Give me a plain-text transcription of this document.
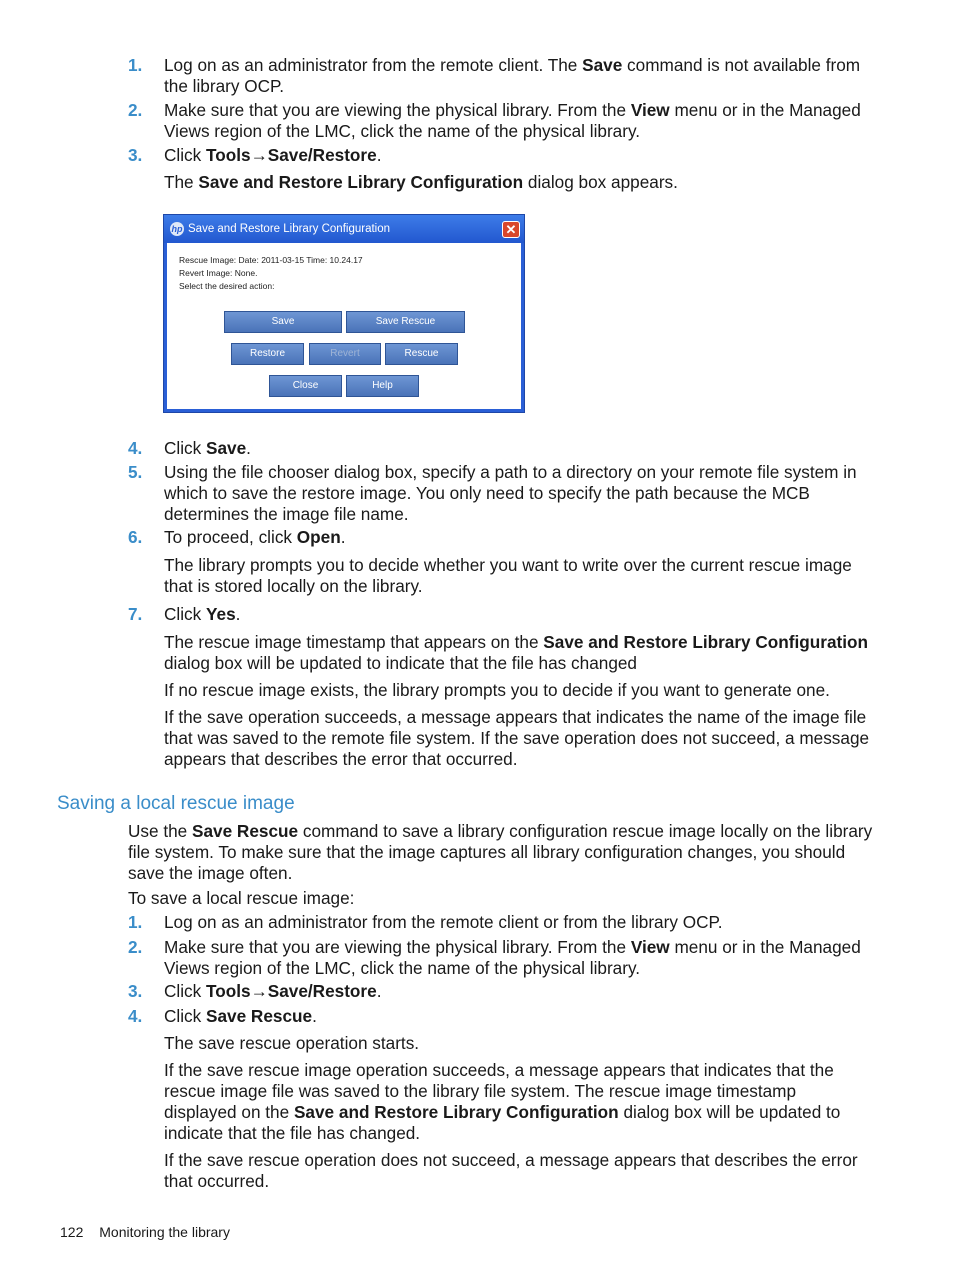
1.	Log on as an administrator from the remote client. The Save command is not available from the library OCP.
2.	Make sure that you are viewing the physical library. From the View menu or in the Managed Views region of the LMC, click the name of the physical library.
3.	Click Tools→Save/Restore.
The Save and Restore Library Configuration dialog box appears.
hp Save and Restore Library Configuration	✕
Rescue Image: Date: 2011-03-15 Time: 10.24.17
Revert Image: None.
Select the desired action:
Save	Save Rescue
Restore	Revert	Rescue
Close	Help
4.	Click Save.
5.	Using the file chooser dialog box, specify a path to a directory on your remote file system in which to save the restore image. You only need to specify the path because the MCB determines the image file name.
6.	To proceed, click Open.
The library prompts you to decide whether you want to write over the current rescue image that is stored locally on the library.
7.	Click Yes.
The rescue image timestamp that appears on the Save and Restore Library Configuration dialog box will be updated to indicate that the file has changed
If no rescue image exists, the library prompts you to decide if you want to generate one.
If the save operation succeeds, a message appears that indicates the name of the image file that was saved to the remote file system. If the save operation does not succeed, a message appears that describes the error that occurred.
Saving a local rescue image
Use the Save Rescue command to save a library configuration rescue image locally on the library file system. To make sure that the image captures all library configuration changes, you should save the image often.
To save a local rescue image:
1.	Log on as an administrator from the remote client or from the library OCP.
2.	Make sure that you are viewing the physical library. From the View menu or in the Managed Views region of the LMC, click the name of the physical library.
3.	Click Tools→Save/Restore.
4.	Click Save Rescue.
The save rescue operation starts.
If the save rescue image operation succeeds, a message appears that indicates that the rescue image file was saved to the library file system. The rescue image timestamp displayed on the Save and Restore Library Configuration dialog box will be updated to indicate that the file has changed.
If the save rescue operation does not succeed, a message appears that describes the error that occurred.
122 Monitoring the library
